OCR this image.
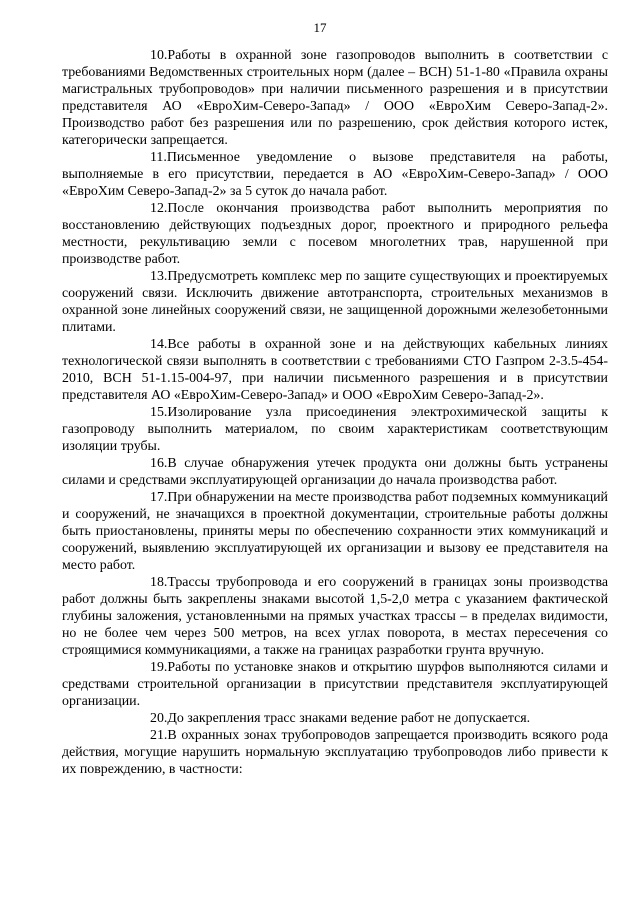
17

10.Работы в охранной зоне газопроводов выполнить в соответствии с требованиями Ведомственных строительных норм (далее – ВСН) 51-1-80 «Правила охраны магистральных трубопроводов» при наличии письменного разрешения и в присутствии представителя АО «ЕвроХим-Северо-Запад» / ООО «ЕвроХим Северо-Запад-2». Производство работ без разрешения или по разрешению, срок действия которого истек, категорически запрещается.

11.Письменное уведомление о вызове представителя на работы, выполняемые в его присутствии, передается в АО «ЕвроХим-Северо-Запад» / ООО «ЕвроХим Северо-Запад-2» за 5 суток до начала работ.

12.После окончания производства работ выполнить мероприятия по восстановлению действующих подъездных дорог, проектного и природного рельефа местности, рекультивацию земли с посевом многолетних трав, нарушенной при производстве работ.

13.Предусмотреть комплекс мер по защите существующих и проектируемых сооружений связи. Исключить движение автотранспорта, строительных механизмов в охранной зоне линейных сооружений связи, не защищенной дорожными железобетонными плитами.

14.Все работы в охранной зоне и на действующих кабельных линиях технологической связи выполнять в соответствии с требованиями СТО Газпром 2-3.5-454-2010, ВСН 51-1.15-004-97, при наличии письменного разрешения и в присутствии представителя АО «ЕвроХим-Северо-Запад» и ООО «ЕвроХим Северо-Запад-2».

15.Изолирование узла присоединения электрохимической защиты к газопроводу выполнить материалом, по своим характеристикам соответствующим изоляции трубы.

16.В случае обнаружения утечек продукта они должны быть устранены силами и средствами эксплуатирующей организации до начала производства работ.

17.При обнаружении на месте производства работ подземных коммуникаций и сооружений, не значащихся в проектной документации, строительные работы должны быть приостановлены, приняты меры по обеспечению сохранности этих коммуникаций и сооружений, выявлению эксплуатирующей их организации и вызову ее представителя на место работ.

18.Трассы трубопровода и его сооружений в границах зоны производства работ должны быть закреплены знаками высотой 1,5-2,0 метра с указанием фактической глубины заложения, установленными на прямых участках трассы – в пределах видимости, но не более чем через 500 метров, на всех углах поворота, в местах пересечения со строящимися коммуникациями, а также на границах разработки грунта вручную.

19.Работы по установке знаков и открытию шурфов выполняются силами и средствами строительной организации в присутствии представителя эксплуатирующей организации.

20.До закрепления трасс знаками ведение работ не допускается.

21.В охранных зонах трубопроводов запрещается производить всякого рода действия, могущие нарушить нормальную эксплуатацию трубопроводов либо привести к их повреждению, в частности:
